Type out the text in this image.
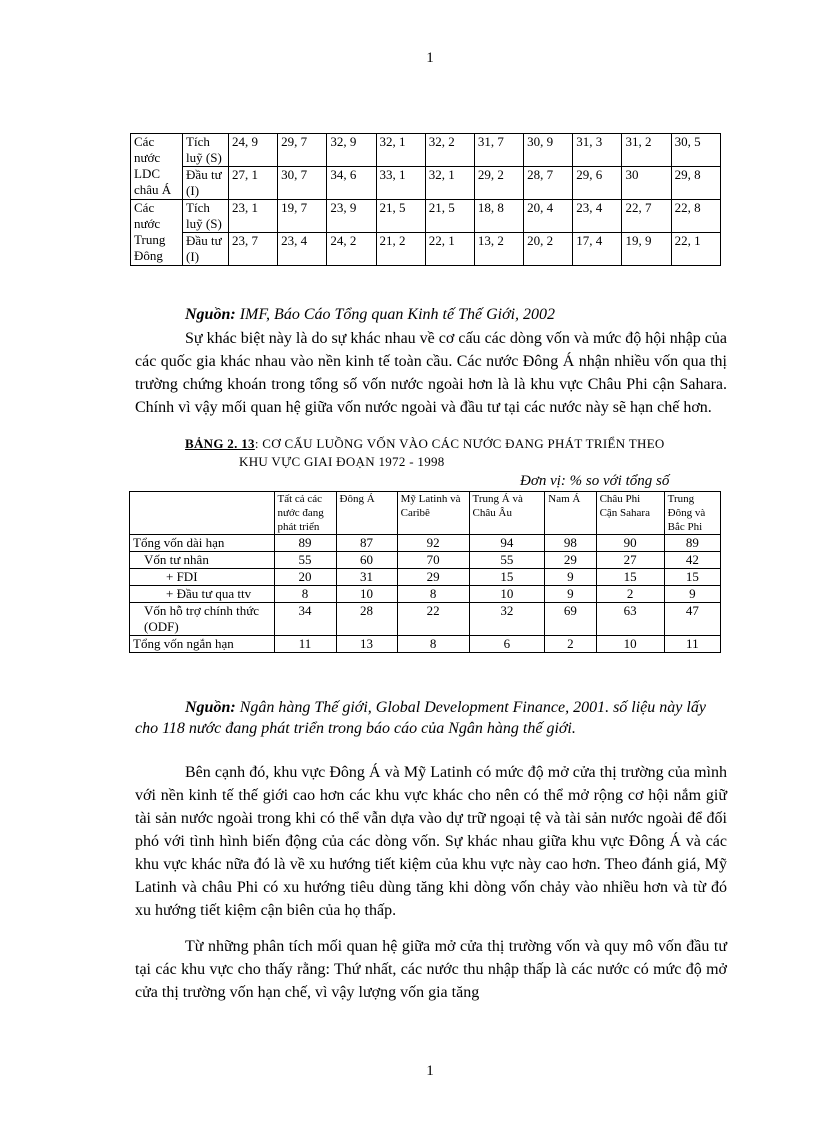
1
Các nước LDC châu Á	Tích luỹ (S)	24, 9	29, 7	32, 9	32, 1	32, 2	31, 7	30, 9	31, 3	31, 2	30, 5
	Đầu tư (I)	27, 1	30, 7	34, 6	33, 1	32, 1	29, 2	28, 7	29, 6	30	29, 8
Các nước Trung Đông	Tích luỹ (S)	23, 1	19, 7	23, 9	21, 5	21, 5	18, 8	20, 4	23, 4	22, 7	22, 8
	Đầu tư (I)	23, 7	23, 4	24, 2	21, 2	22, 1	13, 2	20, 2	17, 4	19, 9	22, 1
Nguồn: IMF, Báo Cáo Tổng quan Kinh tế Thế Giới, 2002
Sự khác biệt này là do sự khác nhau về cơ cấu các dòng vốn và mức độ hội nhập của các quốc gia khác nhau vào nền kinh tế toàn cầu. Các nước Đông Á nhận nhiều vốn qua thị trường chứng khoán trong tổng số vốn nước ngoài hơn là là khu vực Châu Phi cận Sahara. Chính vì vậy mối quan hệ giữa vốn nước ngoài và đầu tư tại các nước này sẽ hạn chế hơn.
BẢNG 2. 13: CƠ CẤU LUỒNG VỐN VÀO CÁC NƯỚC ĐANG PHÁT TRIỂN THEO
KHU VỰC GIAI ĐOẠN 1972 - 1998
Đơn vị: % so với tổng số
	Tất cả các nước đang phát triển	Đông Á	Mỹ Latinh và Caribê	Trung Á và Châu Âu	Nam Á	Châu Phi Cận Sahara	Trung Đông và Bắc Phi
Tổng vốn dài hạn	89	87	92	94	98	90	89
Vốn tư nhân	55	60	70	55	29	27	42
+ FDI	20	31	29	15	9	15	15
+ Đầu tư qua ttv	8	10	8	10	9	2	9
Vốn hỗ trợ chính thức (ODF)	34	28	22	32	69	63	47
Tổng vốn ngắn hạn	11	13	8	6	2	10	11
Nguồn: Ngân hàng Thế giới, Global Development Finance, 2001. số liệu này lấy cho 118 nước đang phát triển trong báo cáo của Ngân hàng thế giới.
Bên cạnh đó, khu vực Đông Á và Mỹ Latinh có mức độ mở cửa thị trường của mình với nền kinh tế thế giới cao hơn các khu vực khác cho nên có thể mở rộng cơ hội nắm giữ tài sản nước ngoài trong khi có thể vẫn dựa vào dự trữ ngoại tệ và tài sản nước ngoài để đối phó với tình hình biến động của các dòng vốn. Sự khác nhau giữa khu vực Đông Á và các khu vực khác nữa đó là về xu hướng tiết kiệm của khu vực này cao hơn. Theo đánh giá, Mỹ Latinh và châu Phi có xu hướng tiêu dùng tăng khi dòng vốn chảy vào nhiều hơn và từ đó xu hướng tiết kiệm cận biên của họ thấp.
Từ những phân tích mối quan hệ giữa mở cửa thị trường vốn và quy mô vốn đầu tư tại các khu vực cho thấy rằng: Thứ nhất, các nước thu nhập thấp là các nước có mức độ mở cửa thị trường vốn hạn chế, vì vậy lượng vốn gia tăng
1
